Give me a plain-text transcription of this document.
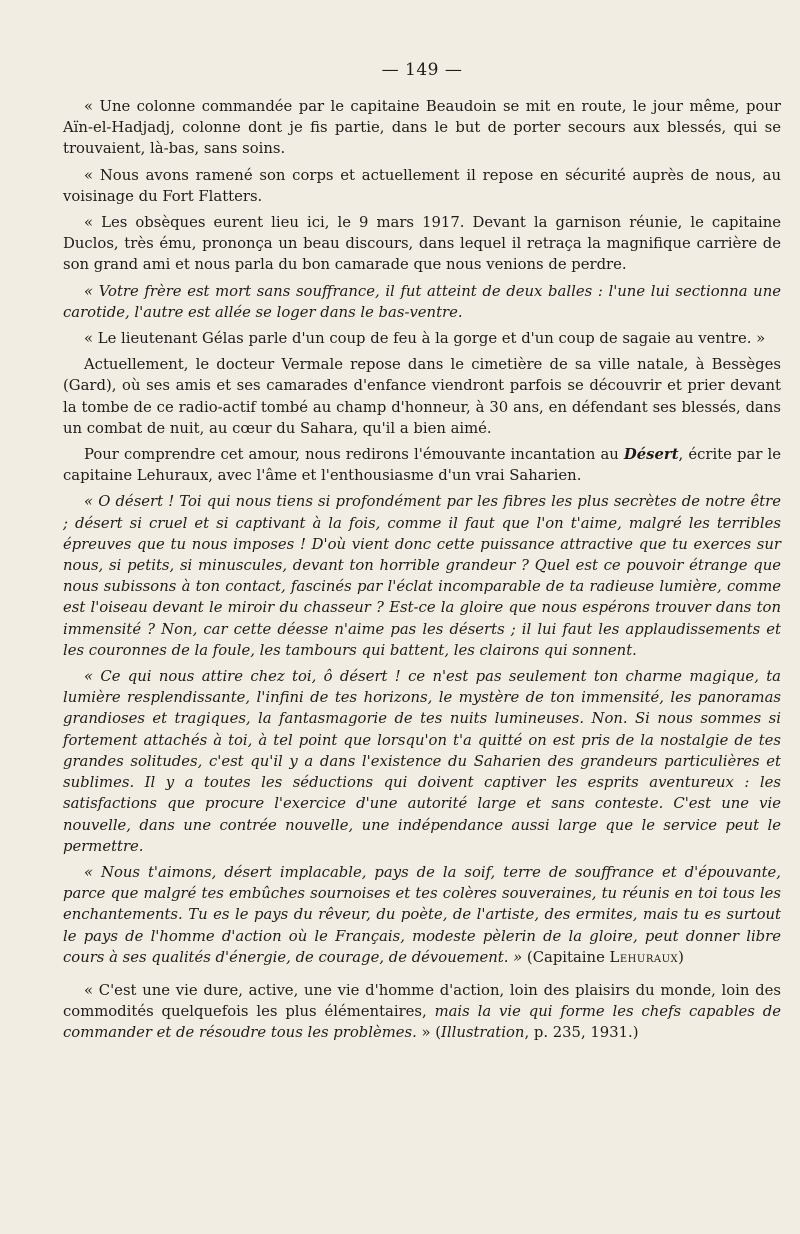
— 149 —

« Une colonne commandée par le capitaine Beaudoin se mit en route, le jour même, pour Aïn-el-Hadjadj, colonne dont je fis partie, dans le but de porter secours aux blessés, qui se trouvaient, là-bas, sans soins.

« Nous avons ramené son corps et actuellement il repose en sécurité auprès de nous, au voisinage du Fort Flatters.

« Les obsèques eurent lieu ici, le 9 mars 1917. Devant la garnison réunie, le capitaine Duclos, très ému, prononça un beau discours, dans lequel il retraça la magnifique carrière de son grand ami et nous parla du bon camarade que nous venions de perdre.

« Votre frère est mort sans souffrance, il fut atteint de deux balles : l'une lui sectionna une carotide, l'autre est allée se loger dans le bas-ventre.

« Le lieutenant Gélas parle d'un coup de feu à la gorge et d'un coup de sagaie au ventre. »

Actuellement, le docteur Vermale repose dans le cimetière de sa ville natale, à Bessèges (Gard), où ses amis et ses camarades d'enfance viendront parfois se découvrir et prier devant la tombe de ce radio-actif tombé au champ d'honneur, à 30 ans, en défendant ses blessés, dans un combat de nuit, au cœur du Sahara, qu'il a bien aimé.

Pour comprendre cet amour, nous redirons l'émouvante incantation au Désert, écrite par le capitaine Lehuraux, avec l'âme et l'enthousiasme d'un vrai Saharien.

« O désert ! Toi qui nous tiens si profondément par les fibres les plus secrètes de notre être ; désert si cruel et si captivant à la fois, comme il faut que l'on t'aime, malgré les terribles épreuves que tu nous imposes ! D'où vient donc cette puissance attractive que tu exerces sur nous, si petits, si minuscules, devant ton horrible grandeur ? Quel est ce pouvoir étrange que nous subissons à ton contact, fascinés par l'éclat incomparable de ta radieuse lumière, comme est l'oiseau devant le miroir du chasseur ? Est-ce la gloire que nous espérons trouver dans ton immensité ? Non, car cette déesse n'aime pas les déserts ; il lui faut les applaudissements et les couronnes de la foule, les tambours qui battent, les clairons qui sonnent.

« Ce qui nous attire chez toi, ô désert ! ce n'est pas seulement ton charme magique, ta lumière resplendissante, l'infini de tes horizons, le mystère de ton immensité, les panoramas grandioses et tragiques, la fantasmagorie de tes nuits lumineuses. Non. Si nous sommes si fortement attachés à toi, à tel point que lorsqu'on t'a quitté on est pris de la nostalgie de tes grandes solitudes, c'est qu'il y a dans l'existence du Saharien des grandeurs particulières et sublimes. Il y a toutes les séductions qui doivent captiver les esprits aventureux : les satisfactions que procure l'exercice d'une autorité large et sans conteste. C'est une vie nouvelle, dans une contrée nouvelle, une indépendance aussi large que le service peut le permettre.

« Nous t'aimons, désert implacable, pays de la soif, terre de souffrance et d'épouvante, parce que malgré tes embûches sournoises et tes colères souveraines, tu réunis en toi tous les enchantements. Tu es le pays du rêveur, du poète, de l'artiste, des ermites, mais tu es surtout le pays de l'homme d'action où le Français, modeste pèlerin de la gloire, peut donner libre cours à ses qualités d'énergie, de courage, de dévouement. » (Capitaine Lehuraux)

« C'est une vie dure, active, une vie d'homme d'action, loin des plaisirs du monde, loin des commodités quelquefois les plus élémentaires, mais la vie qui forme les chefs capables de commander et de résoudre tous les problèmes. » (Illustration, p. 235, 1931.)
